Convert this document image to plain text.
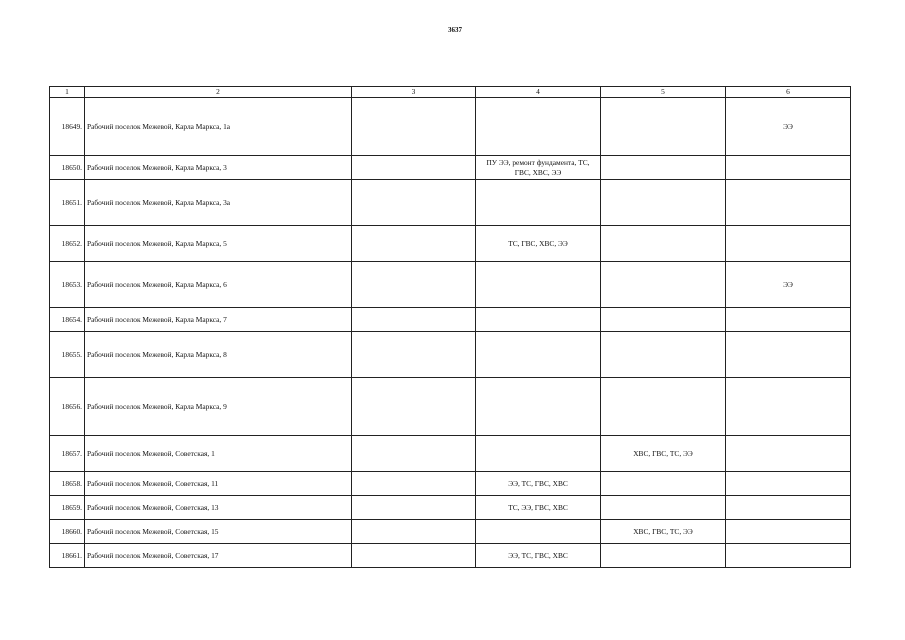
3637
1	2	3	4	5	6
18649.	Рабочий поселок Межевой, Карла Маркса, 1а				ЭЭ
18650.	Рабочий поселок Межевой, Карла Маркса, 3		ПУ ЭЭ, ремонт фундамента, ТС, ГВС, ХВС, ЭЭ		
18651.	Рабочий поселок Межевой, Карла Маркса, 3а				
18652.	Рабочий поселок Межевой, Карла Маркса, 5		ТС, ГВС, ХВС, ЭЭ		
18653.	Рабочий поселок Межевой, Карла Маркса, 6				ЭЭ
18654.	Рабочий поселок Межевой, Карла Маркса, 7				
18655.	Рабочий поселок Межевой, Карла Маркса, 8				
18656.	Рабочий поселок Межевой, Карла Маркса, 9				
18657.	Рабочий поселок Межевой, Советская, 1			ХВС, ГВС, ТС, ЭЭ	
18658.	Рабочий поселок Межевой, Советская, 11		ЭЭ, ТС, ГВС, ХВС		
18659.	Рабочий поселок Межевой, Советская, 13		ТС, ЭЭ, ГВС, ХВС		
18660.	Рабочий поселок Межевой, Советская, 15			ХВС, ГВС, ТС, ЭЭ	
18661.	Рабочий поселок Межевой, Советская, 17		ЭЭ, ТС, ГВС, ХВС		
